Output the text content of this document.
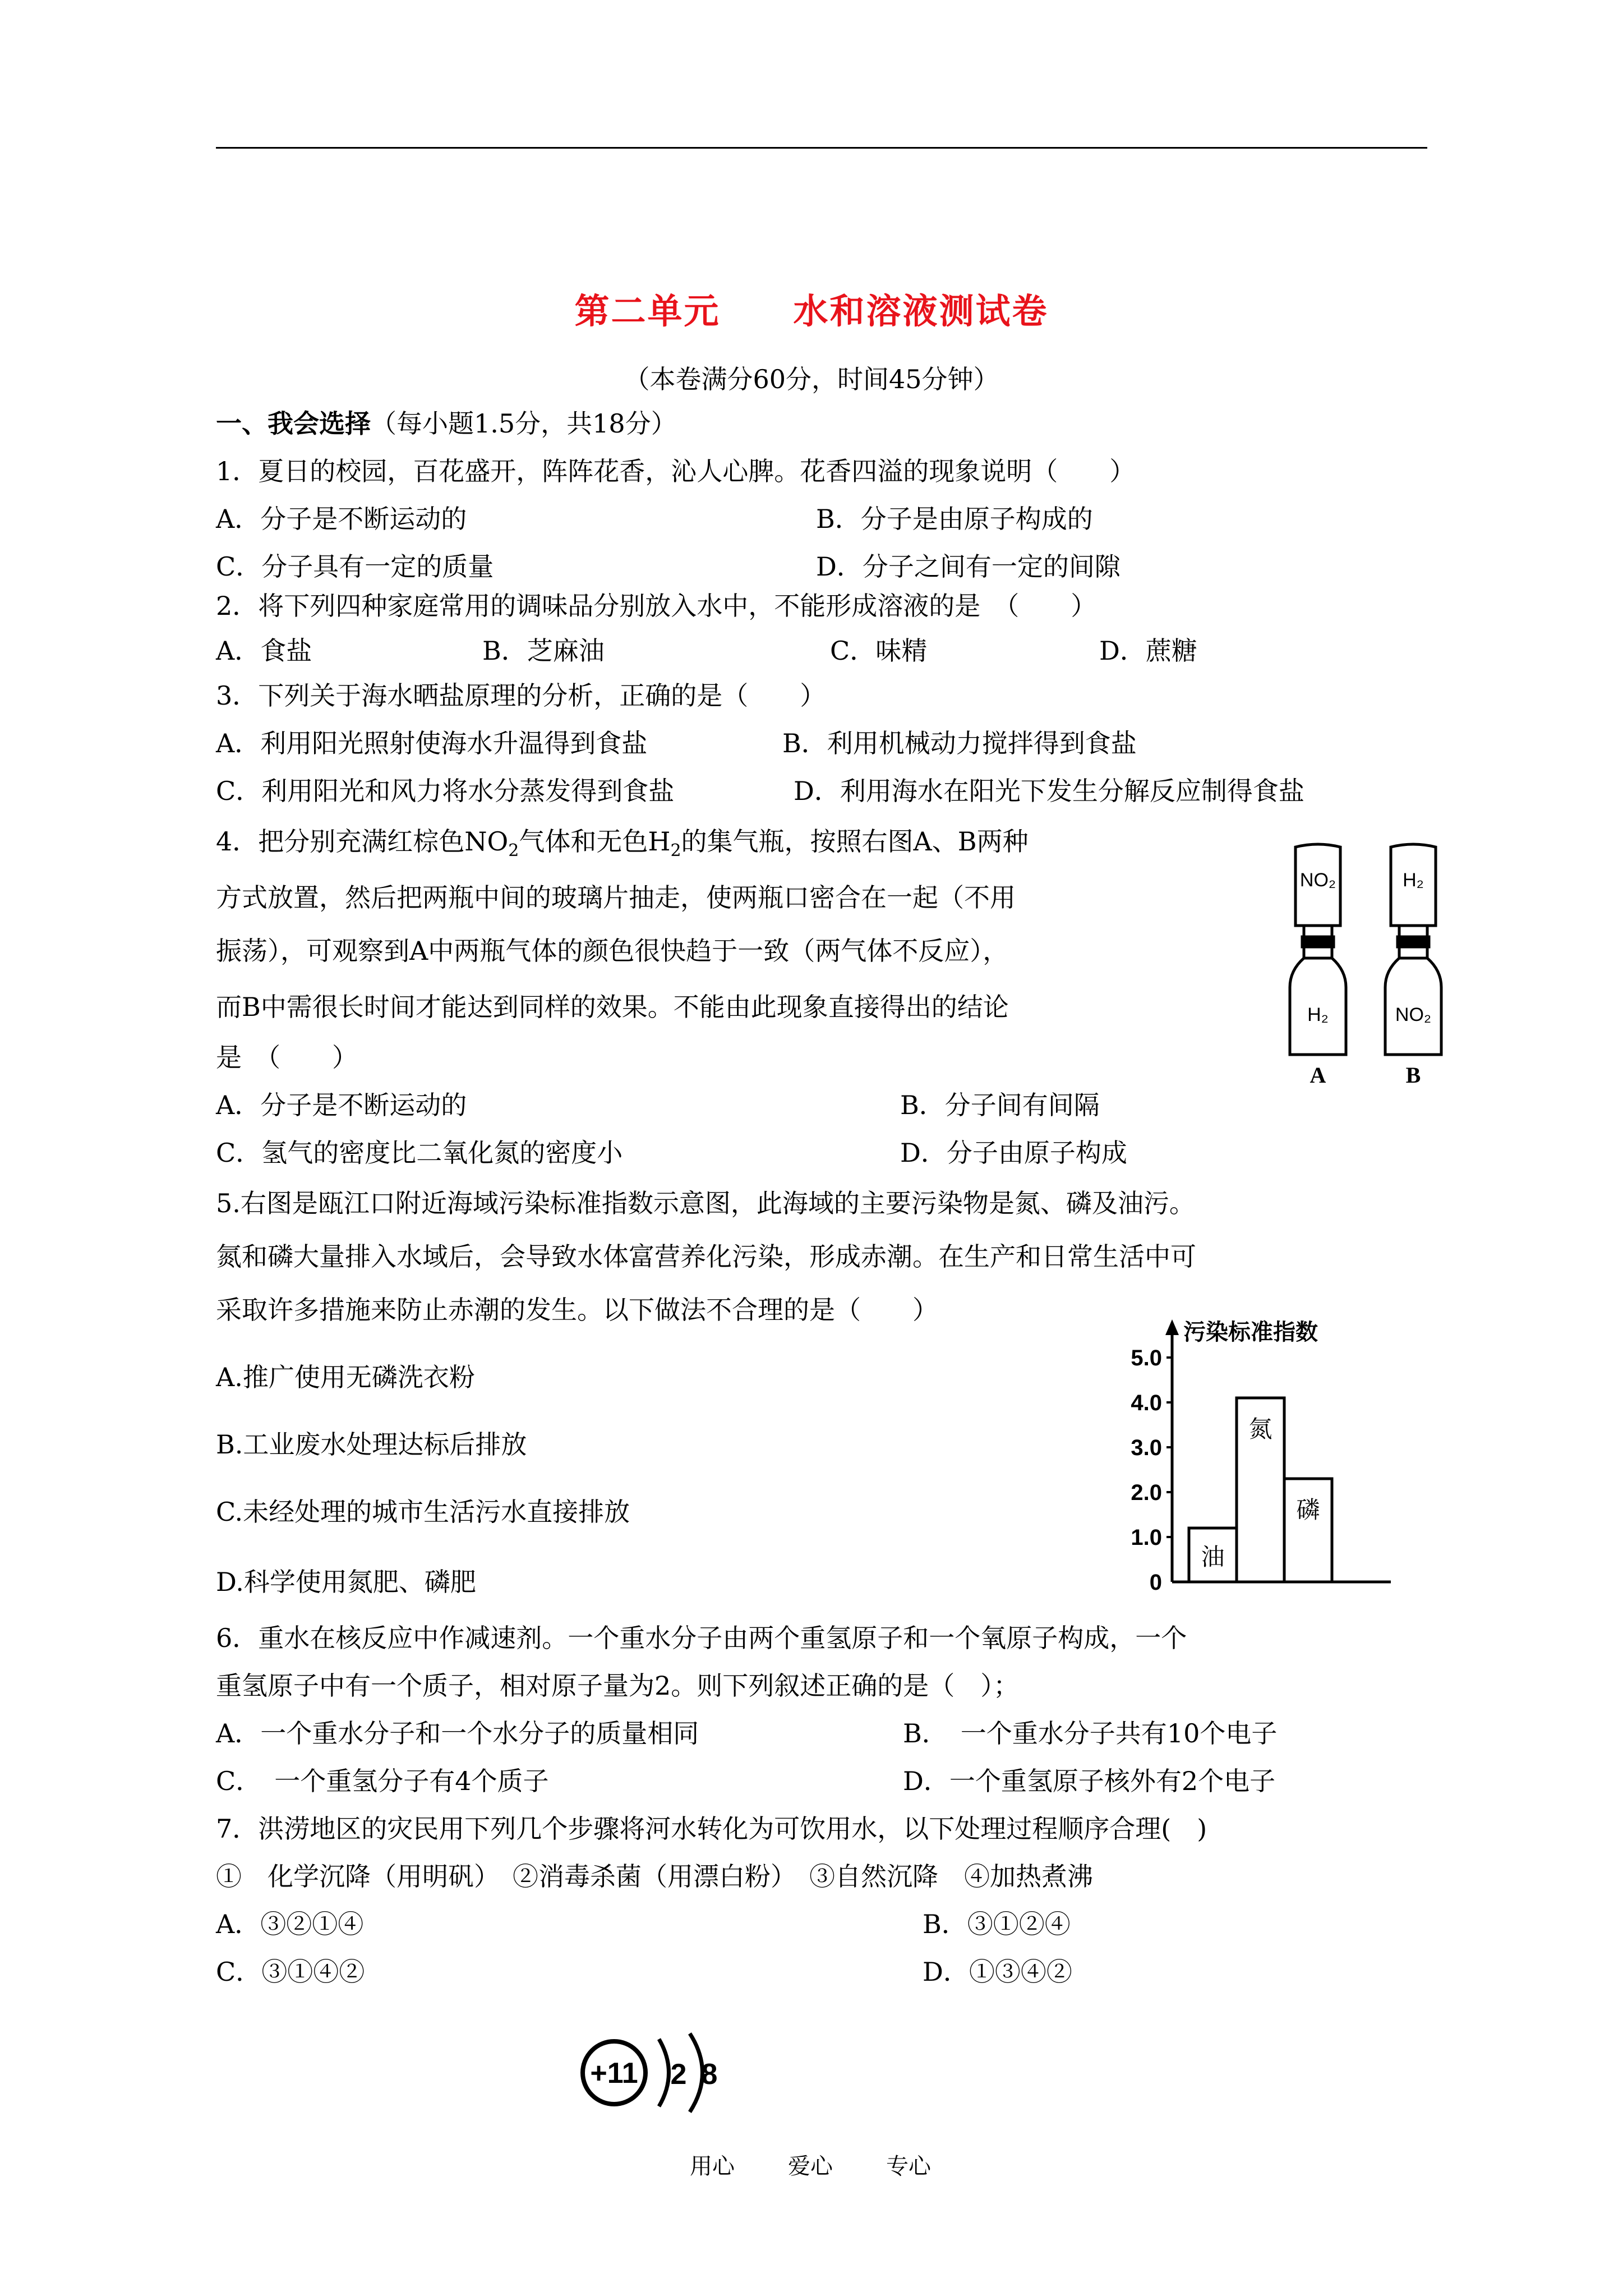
第二单元　　水和溶液测试卷
（本卷满分60分，时间45分钟）
一、我会选择（每小题1.5分，共18分）
1．夏日的校园，百花盛开，阵阵花香，沁人心脾。花香四溢的现象说明（　　）
A．分子是不断运动的	B．分子是由原子构成的
C．分子具有一定的质量	D．分子之间有一定的间隙
2．将下列四种家庭常用的调味品分别放入水中，不能形成溶液的是　（　　）
A．食盐	B．芝麻油	C．味精	D．蔗糖
3．下列关于海水晒盐原理的分析，正确的是（　　）
A．利用阳光照射使海水升温得到食盐	B．利用机械动力搅拌得到食盐
C．利用阳光和风力将水分蒸发得到食盐	D．利用海水在阳光下发生分解反应制得食盐
4．把分别充满红棕色$NO_2$气体和无色$H_2$的集气瓶，按照右图A、B两种
方式放置，然后把两瓶中间的玻璃片抽走，使两瓶口密合在一起（不用
振荡），可观察到A中两瓶气体的颜色很快趋于一致（两气体不反应），
而B中需很长时间才能达到同样的效果。不能由此现象直接得出的结论
是　（　　）
A．分子是不断运动的	B．分子间有间隔
C．氢气的密度比二氧化氮的密度小	D．分子由原子构成
NO₂
H₂
A
H₂
NO₂
B
5.右图是瓯江口附近海域污染标准指数示意图，此海域的主要污染物是氮、磷及油污。
氮和磷大量排入水域后，会导致水体富营养化污染，形成赤潮。在生产和日常生活中可
采取许多措施来防止赤潮的发生。以下做法不合理的是（　　）
A.推广使用无磷洗衣粉
B.工业废水处理达标后排放
C.未经处理的城市生活污水直接排放
D.科学使用氮肥、磷肥
污染标准指数
0
1.0
2.0
3.0
4.0
5.0
油
氮
磷
6．重水在核反应中作减速剂。一个重水分子由两个重氢原子和一个氧原子构成，一个
重氢原子中有一个质子，相对原子量为2。则下列叙述正确的是（　）；
A．一个重水分子和一个水分子的质量相同	B．　一个重水分子共有10个电子
C．　一个重氢分子有4个质子	D．一个重氢原子核外有2个电子
7．洪涝地区的灾民用下列几个步骤将河水转化为可饮用水，以下处理过程顺序合理(　)
①　化学沉降（用明矾）　②消毒杀菌（用漂白粉）　③自然沉降　④加热煮沸
A．③②①④	B．③①②④
C．③①④②	D．①③④②
+11 2 8
用心 爱心 专心
